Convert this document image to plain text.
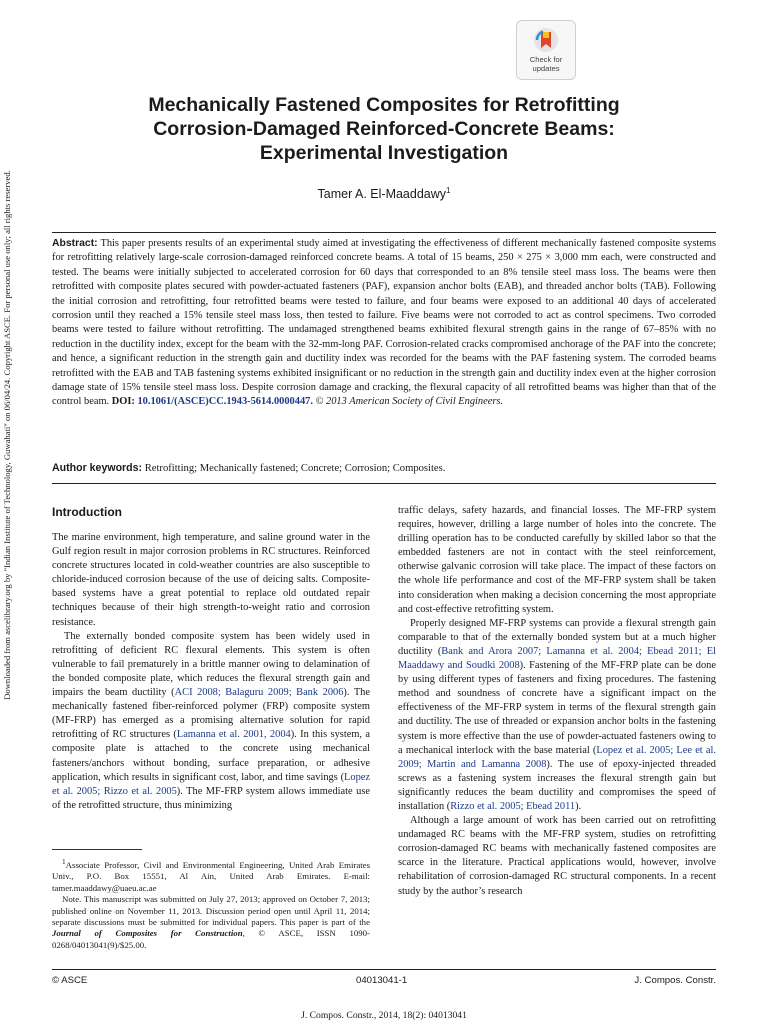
Downloaded from ascelibrary.org by "Indian Institute of Technology, Guwahati" on 06/04/24. Copyright ASCE. For personal use only; all rights reserved.
Check for
updates
Mechanically Fastened Composites for Retrofitting
Corrosion-Damaged Reinforced-Concrete Beams:
Experimental Investigation
Tamer A. El-Maaddawy$^1$
Abstract: This paper presents results of an experimental study aimed at investigating the effectiveness of different mechanically fastened composite systems for retrofitting relatively large-scale corrosion-damaged reinforced concrete beams. A total of 15 beams, 250 × 275 × 3,000 mm each, were constructed and tested. The beams were initially subjected to accelerated corrosion for 60 days that corresponded to an 8% tensile steel mass loss. The beams were then retrofitted with composite plates secured with powder-actuated fasteners (PAF), expansion anchor bolts (EAB), and threaded anchor bolts (TAB). Following the initial corrosion and retrofitting, four retrofitted beams were tested to failure, and four beams were exposed to an additional 40 days of accelerated corrosion until they reached a 15% tensile steel mass loss, then tested to failure. Five beams were not corroded to act as control specimens. Two corroded beams were tested to failure without retrofitting. The undamaged strengthened beams exhibited flexural strength gains in the range of 67–85% with no reduction in the ductility index, except for the beam with the 32-mm-long PAF. Corrosion-related cracks compromised anchorage of the PAF into the concrete; and hence, a significant reduction in the strength gain and ductility index was recorded for the beams with the PAF fastening system. The corroded beams retrofitted with the EAB and TAB fastening systems exhibited insignificant or no reduction in the strength gain and ductility index even at the higher corrosion damage state of 15% tensile steel mass loss. Despite corrosion damage and cracking, the flexural capacity of all retrofitted beams was higher than that of the control beam. DOI: 10.1061/(ASCE)CC.1943-5614.0000447. © 2013 American Society of Civil Engineers.
Author keywords: Retrofitting; Mechanically fastened; Concrete; Corrosion; Composites.
Introduction

The marine environment, high temperature, and saline ground water in the Gulf region result in major corrosion problems in RC structures. Reinforced concrete structures located in cold-weather countries are also susceptible to chloride-induced corrosion because of the use of deicing salts. Composite-based systems have a great potential to replace old outdated repair techniques because of their high strength-to-weight ratio and corrosion resistance.

The externally bonded composite system has been widely used in retrofitting of deficient RC flexural elements. This system is often vulnerable to fail prematurely in a brittle manner owing to delamination of the bonded composite plate, which reduces the flexural strength gain and impairs the beam ductility (ACI 2008; Balaguru 2009; Bank 2006). The mechanically fastened fiber-reinforced polymer (FRP) composite system (MF-FRP) has emerged as a promising alternative solution for rapid retrofitting of RC structures (Lamanna et al. 2001, 2004). In this system, a composite plate is attached to the concrete using mechanical fasteners/anchors without bonding, surface preparation, or adhesive application, which results in significant cost, labor, and time savings (Lopez et al. 2005; Rizzo et al. 2005). The MF-FRP system allows immediate use of the retrofitted structure, thus minimizing

$^1$Associate Professor, Civil and Environmental Engineering, United Arab Emirates Univ., P.O. Box 15551, Al Ain, United Arab Emirates. E-mail: tamer.maaddawy@uaeu.ac.ae

Note. This manuscript was submitted on July 27, 2013; approved on October 7, 2013; published online on November 11, 2013. Discussion period open until April 11, 2014; separate discussions must be submitted for individual papers. This paper is part of the Journal of Composites for Construction, © ASCE, ISSN 1090-0268/04013041(9)/$25.00.

traffic delays, safety hazards, and financial losses. The MF-FRP system requires, however, drilling a large number of holes into the concrete. The drilling operation has to be conducted carefully by skilled labor so that the embedded fasteners are not in contact with the steel reinforcement, otherwise galvanic corrosion will take place. The impact of these factors on the whole life performance and cost of the MF-FRP system shall be taken into consideration when making a decision concerning the most appropriate and cost-effective retrofitting system.

Properly designed MF-FRP systems can provide a flexural strength gain comparable to that of the externally bonded system but at a much higher ductility (Bank and Arora 2007; Lamanna et al. 2004; Ebead 2011; El Maaddawy and Soudki 2008). Fastening of the MF-FRP plate can be done by using different types of fasteners and fixing procedures. The fastening method and soundness of concrete have a significant impact on the effectiveness of the MF-FRP system in terms of the flexural strength gain and ductility. The use of threaded or expansion anchor bolts in the fastening system is more effective than the use of powder-actuated fasteners owing to a mechanical interlock with the base material (Lopez et al. 2005; Lee et al. 2009; Martin and Lamanna 2008). The use of epoxy-injected threaded screws as a fastening system increases the flexural strength gain but significantly reduces the beam ductility and compromises the speed of installation (Rizzo et al. 2005; Ebead 2011).

Although a large amount of work has been carried out on retrofitting undamaged RC beams with the MF-FRP system, studies on retrofitting corrosion-damaged RC beams with mechanically fastened composites are scarce in the literature. Practical applications would, however, involve rehabilitation of corrosion-damaged RC structural components. In a recent study by the author’s research

© ASCE	04013041-1	J. Compos. Constr.
J. Compos. Constr., 2014, 18(2): 04013041
